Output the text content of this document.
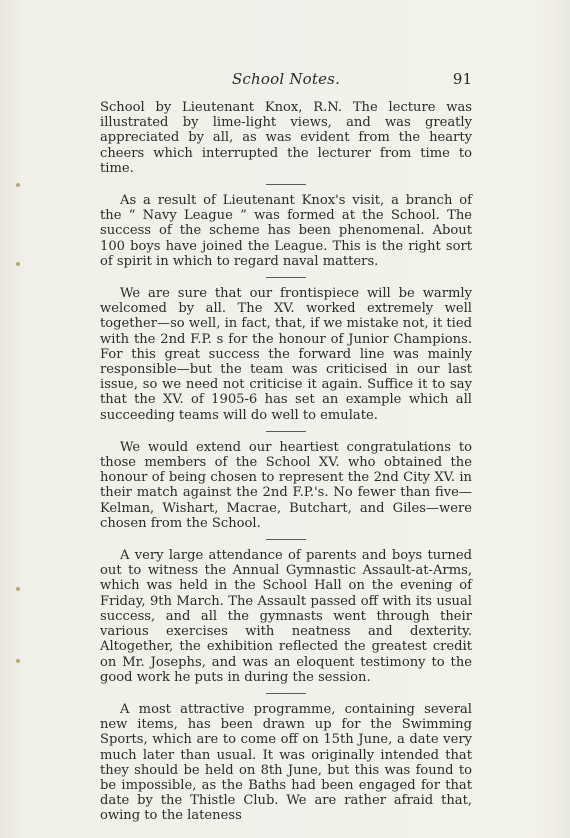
School Notes.	91

School by Lieutenant Knox, R.N. The lecture was illustrated by lime-light views, and was greatly appreciated by all, as was evident from the hearty cheers which interrupted the lecturer from time to time.

As a result of Lieutenant Knox's visit, a branch of the “ Navy League ” was formed at the School. The success of the scheme has been phenomenal. About 100 boys have joined the League. This is the right sort of spirit in which to regard naval matters.

We are sure that our frontispiece will be warmly welcomed by all. The XV. worked extremely well together—so well, in fact, that, if we mistake not, it tied with the 2nd F.P. s for the honour of Junior Champions. For this great success the forward line was mainly responsible—but the team was criticised in our last issue, so we need not criticise it again. Suffice it to say that the XV. of 1905-6 has set an example which all succeeding teams will do well to emulate.

We would extend our heartiest congratulations to those members of the School XV. who obtained the honour of being chosen to represent the 2nd City XV. in their match against the 2nd F.P.'s. No fewer than five—Kelman, Wishart, Macrae, Butchart, and Giles—were chosen from the School.

A very large attendance of parents and boys turned out to witness the Annual Gymnastic Assault-at-Arms, which was held in the School Hall on the evening of Friday, 9th March. The Assault passed off with its usual success, and all the gymnasts went through their various exercises with neatness and dexterity. Altogether, the exhibition reflected the greatest credit on Mr. Josephs, and was an eloquent testimony to the good work he puts in during the session.

A most attractive programme, containing several new items, has been drawn up for the Swimming Sports, which are to come off on 15th June, a date very much later than usual. It was originally intended that they should be held on 8th June, but this was found to be impossible, as the Baths had been engaged for that date by the Thistle Club. We are rather afraid that, owing to the lateness
